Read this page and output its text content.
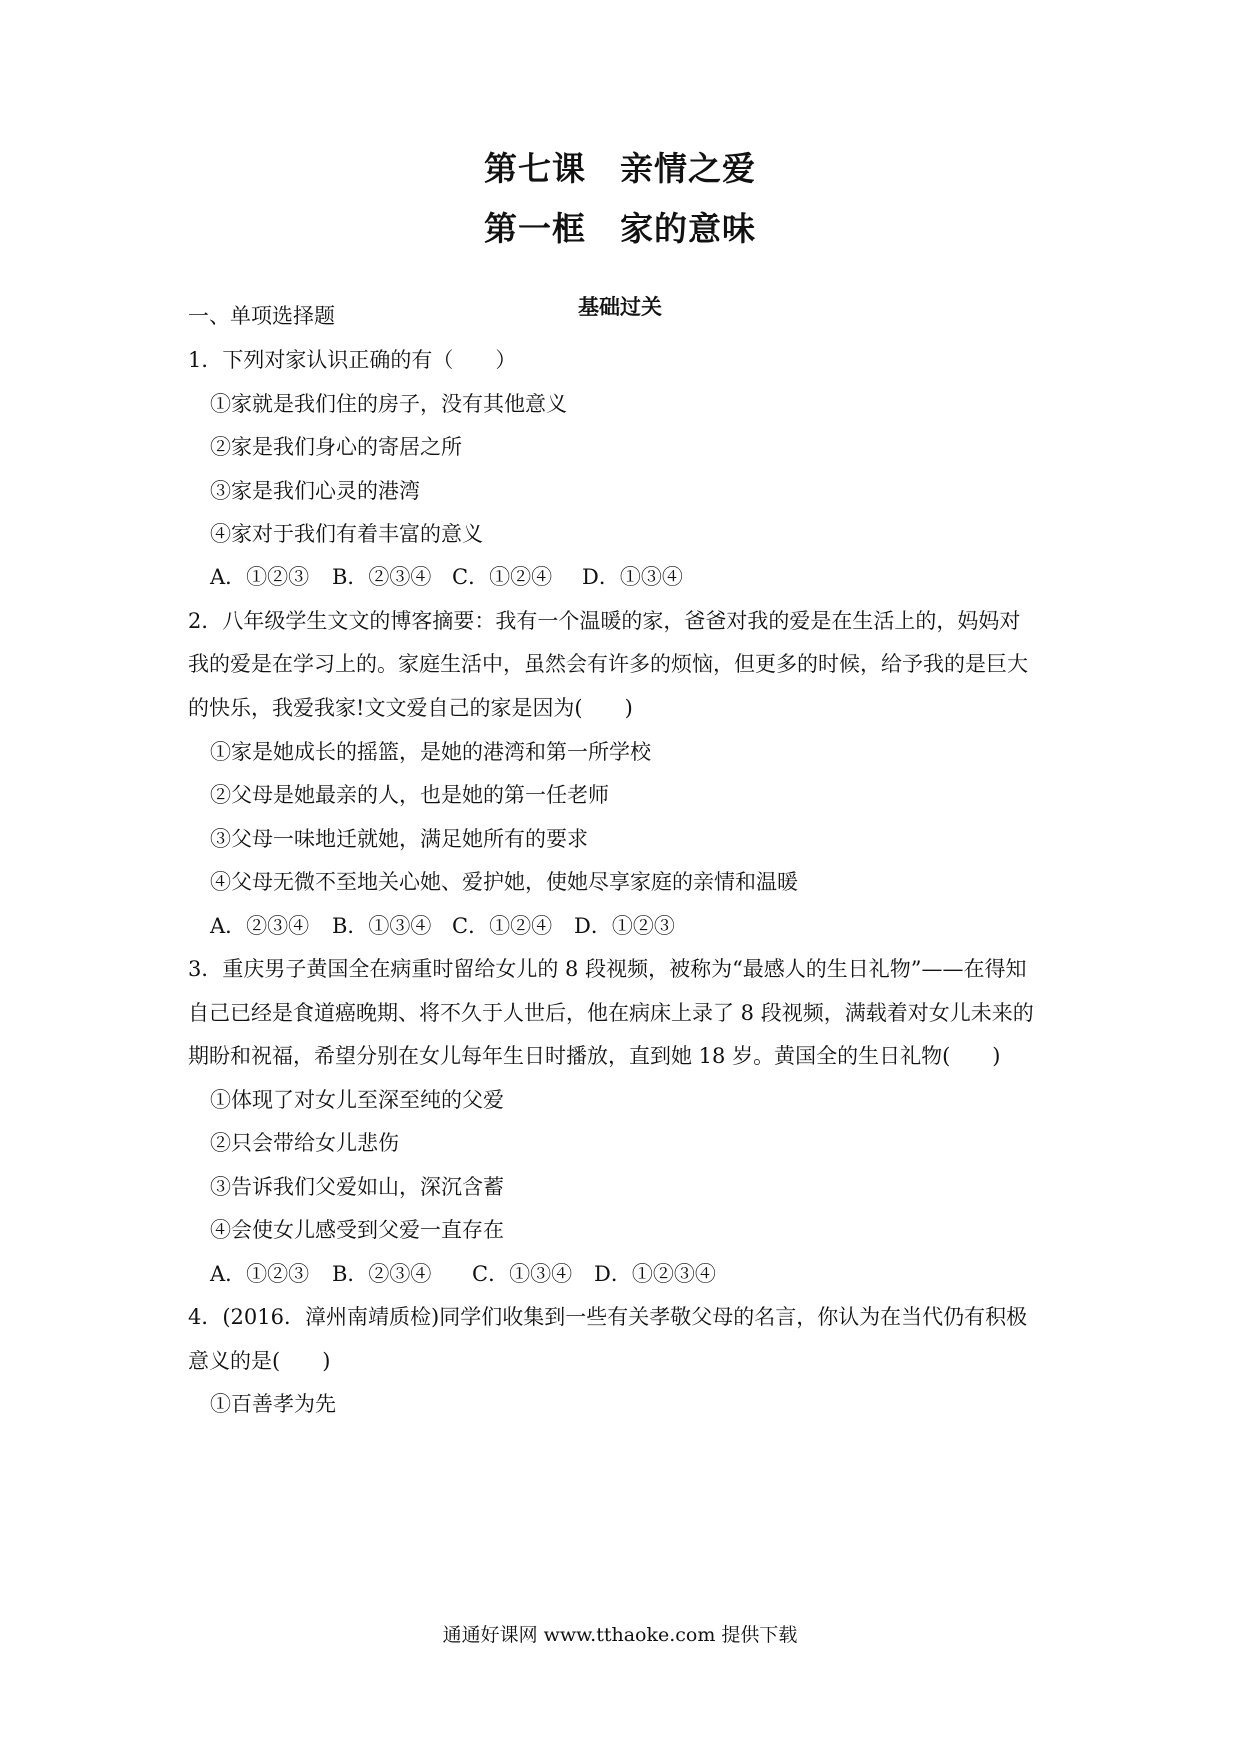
第七课 亲情之爱
第一框 家的意味
基础过关
一、单项选择题
1．下列对家认识正确的有（　　）
①家就是我们住的房子，没有其他意义
②家是我们身心的寄居之所
③家是我们心灵的港湾
④家对于我们有着丰富的意义
A．①②③ B．②③④ C．①②④ D．①③④
2．八年级学生文文的博客摘要：我有一个温暖的家，爸爸对我的爱是在生活上的，妈妈对
我的爱是在学习上的。家庭生活中，虽然会有许多的烦恼，但更多的时候，给予我的是巨大
的快乐，我爱我家!文文爱自己的家是因为(　　)
①家是她成长的摇篮，是她的港湾和第一所学校
②父母是她最亲的人，也是她的第一任老师
③父母一味地迁就她，满足她所有的要求
④父母无微不至地关心她、爱护她，使她尽享家庭的亲情和温暖
A．②③④ B．①③④ C．①②④ D．①②③
3．重庆男子黄国全在病重时留给女儿的 8 段视频，被称为“最感人的生日礼物”——在得知
自己已经是食道癌晚期、将不久于人世后，他在病床上录了 8 段视频，满载着对女儿未来的
期盼和祝福，希望分别在女儿每年生日时播放，直到她 18 岁。黄国全的生日礼物(　　)
①体现了对女儿至深至纯的父爱
②只会带给女儿悲伤
③告诉我们父爱如山，深沉含蓄
④会使女儿感受到父爱一直存在
A．①②③ B．②③④ C．①③④ D．①②③④
4．(2016．漳州南靖质检)同学们收集到一些有关孝敬父母的名言，你认为在当代仍有积极
意义的是(　　)
①百善孝为先
通通好课网 www.tthaoke.com 提供下载
